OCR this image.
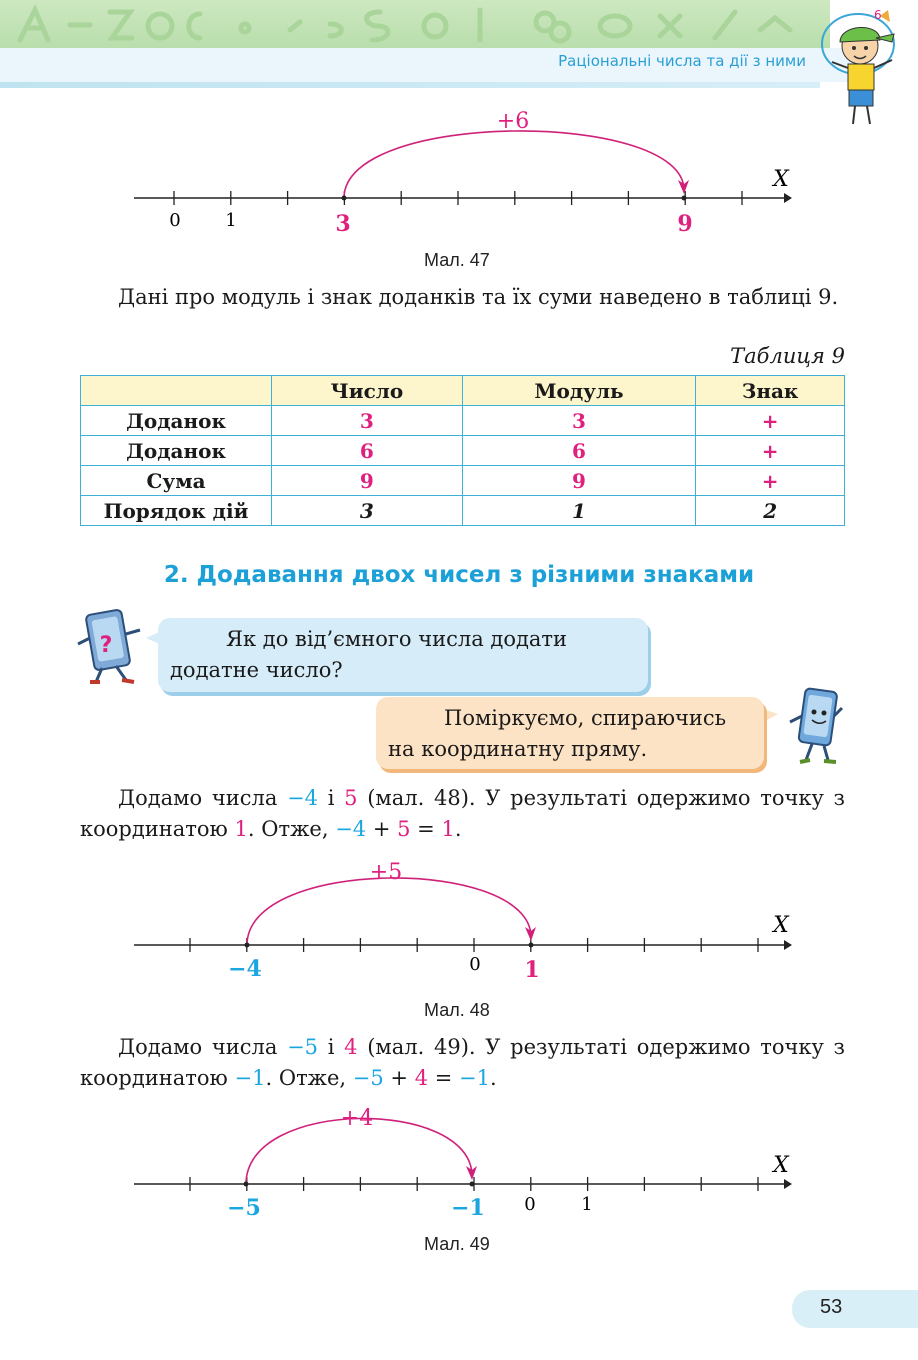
Раціональні числа та дії з ними
6
+6
X
0 1	3	9
Мал. 47
Дані про модуль і знак доданків та їх суми наведено в таблиці 9.
Таблиця 9
	Число	Модуль	Знак
Доданок	3	3	+
Доданок	6	6	+
Сума	9	9	+
Порядок дій	3	1	2
2. Додавання двох чисел з різними знаками
?	Як до від’ємного числа додати додатне число?
Поміркуємо, спираючись на координатну пряму.
Додамо числа −4 і 5 (мал. 48). У результаті одержимо точку з координатою 1. Отже, −4 + 5 = 1.
+5
X
0
−4	1
Мал. 48
Додамо числа −5 і 4 (мал. 49). У результаті одержимо точку з координатою −1. Отже, −5 + 4 = −1.
+4
X
0	1
−5	−1
Мал. 49
53
